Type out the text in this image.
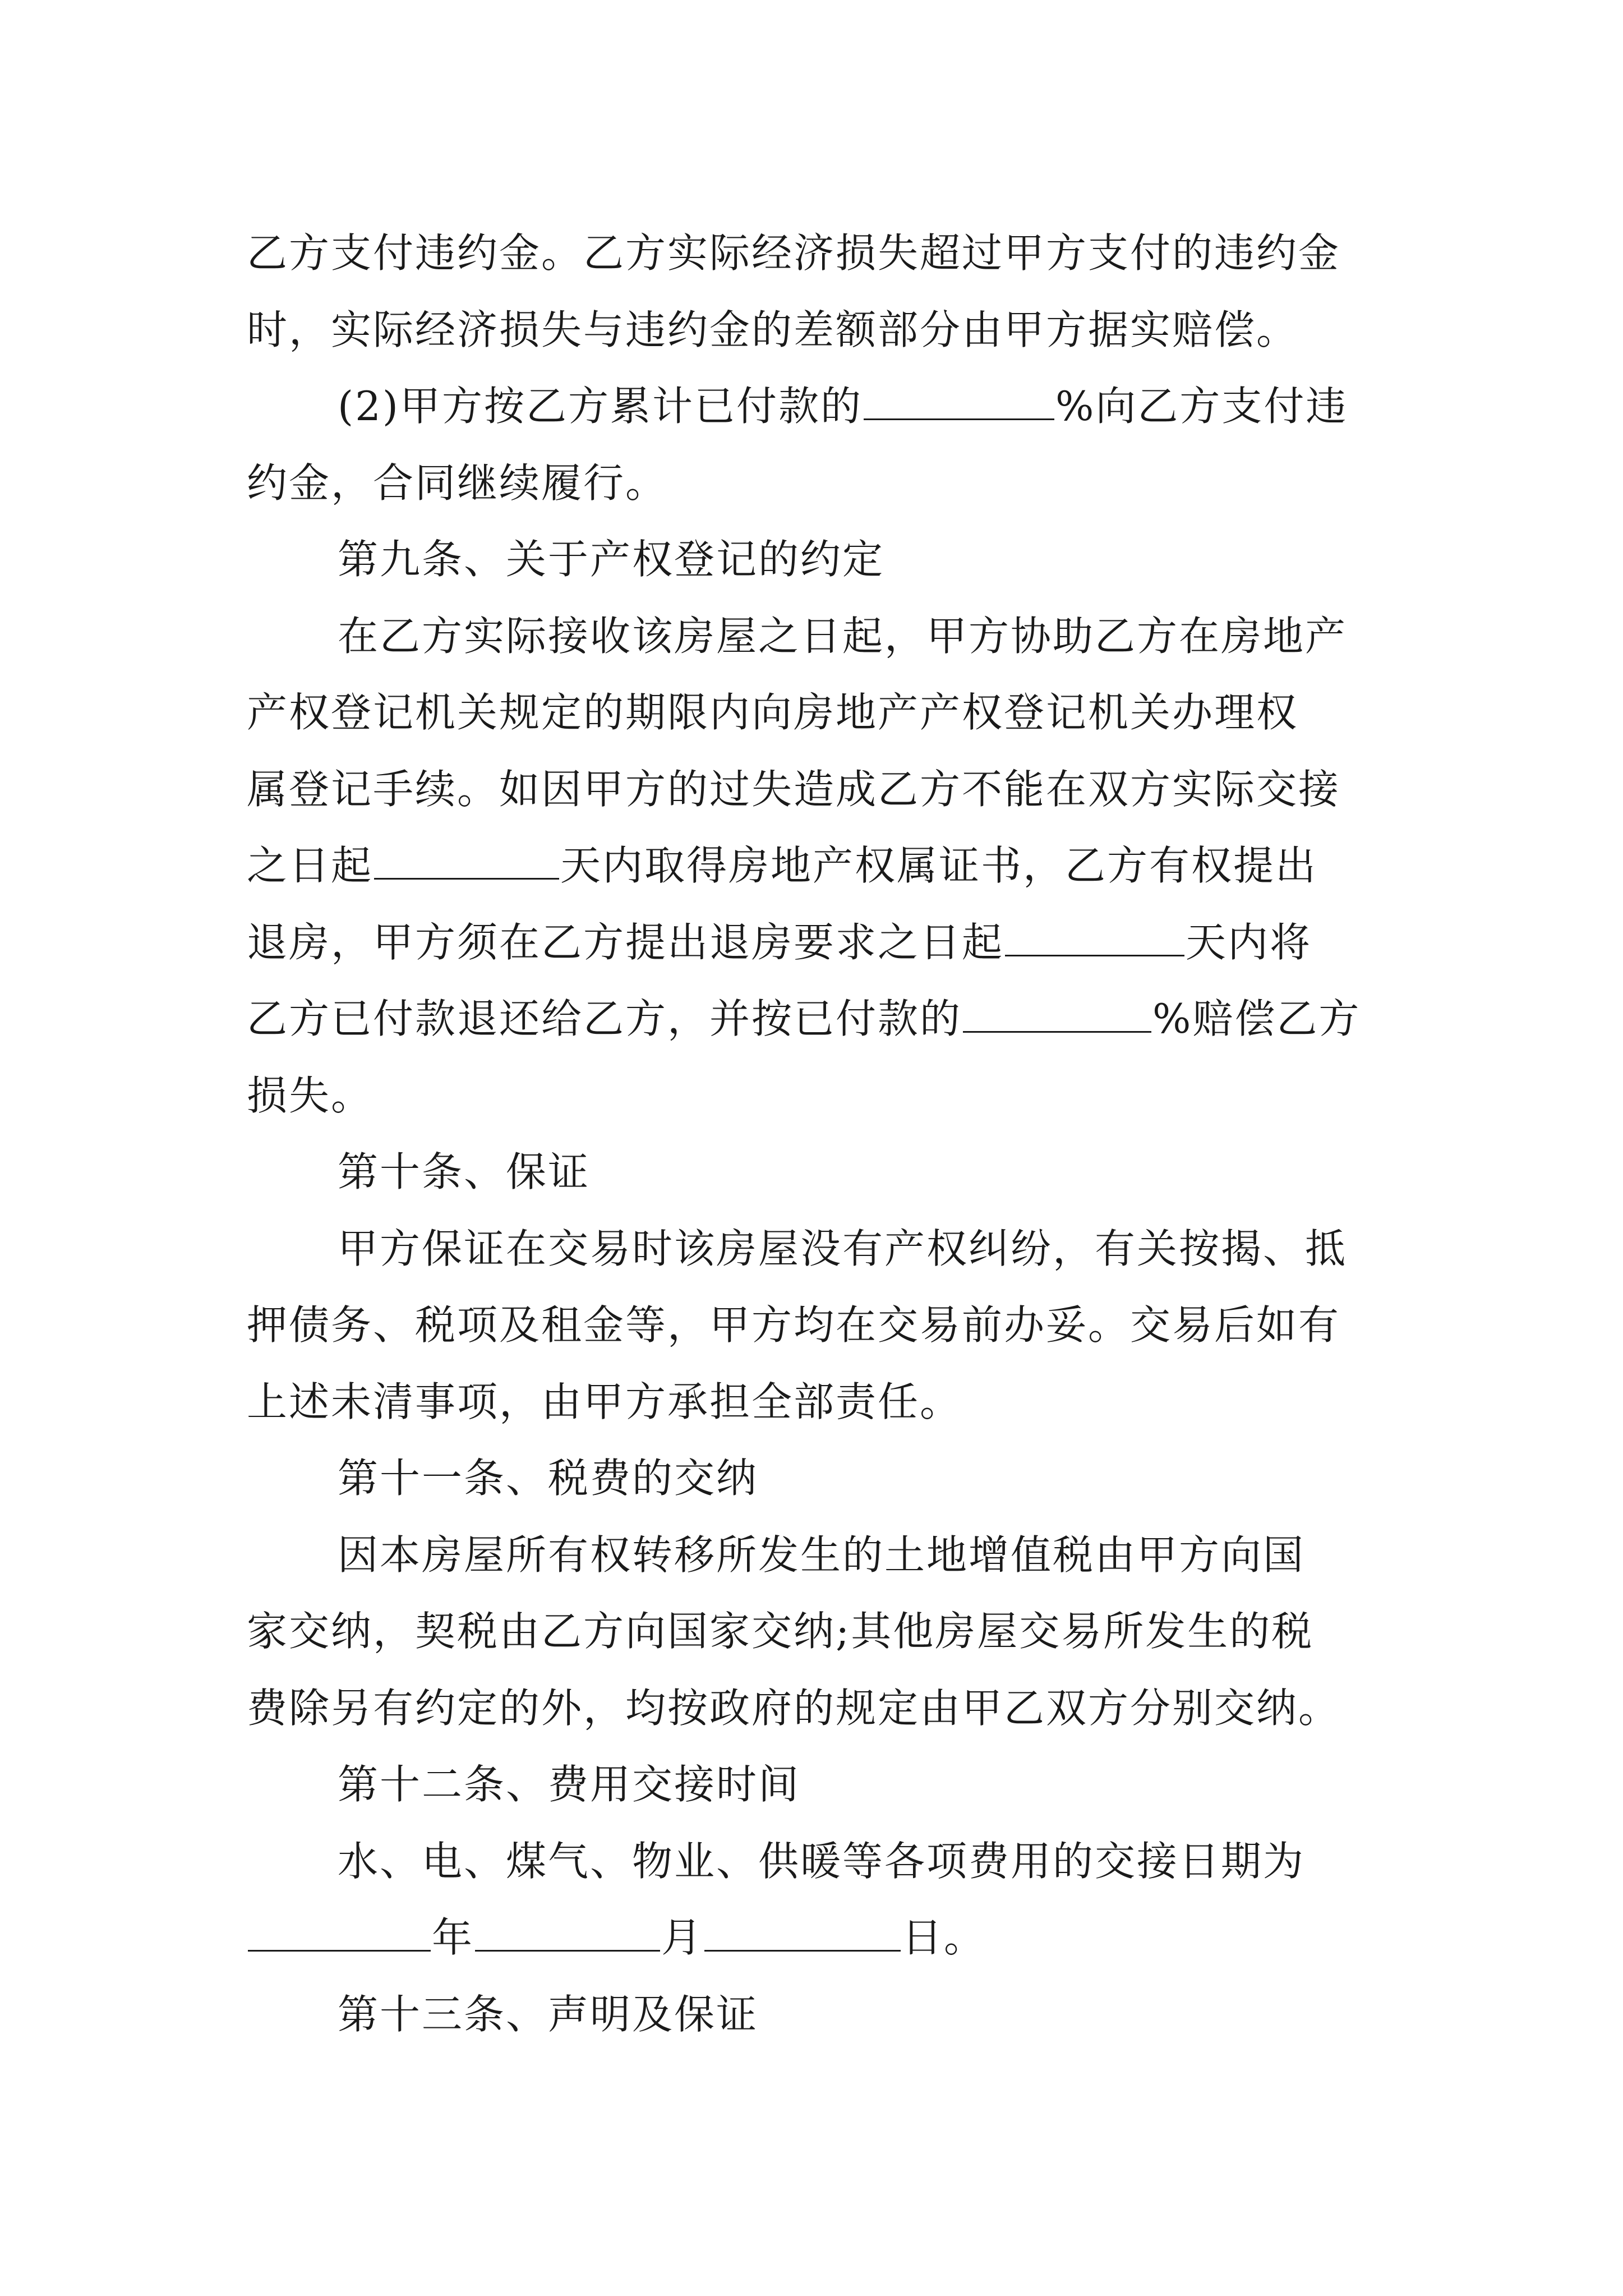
乙方支付违约金。乙方实际经济损失超过甲方支付的违约金
时，实际经济损失与违约金的差额部分由甲方据实赔偿。
(2)甲方按乙方累计已付款的	%向乙方支付违
约金，合同继续履行。
第九条、关于产权登记的约定
在乙方实际接收该房屋之日起，甲方协助乙方在房地产
产权登记机关规定的期限内向房地产产权登记机关办理权
属登记手续。如因甲方的过失造成乙方不能在双方实际交接
之日起	天内取得房地产权属证书，乙方有权提出
退房，甲方须在乙方提出退房要求之日起	天内将
乙方已付款退还给乙方，并按已付款的	%赔偿乙方
损失。
第十条、保证
甲方保证在交易时该房屋没有产权纠纷，有关按揭、抵
押债务、税项及租金等，甲方均在交易前办妥。交易后如有
上述未清事项，由甲方承担全部责任。
第十一条、税费的交纳
因本房屋所有权转移所发生的土地增值税由甲方向国
家交纳，契税由乙方向国家交纳;其他房屋交易所发生的税
费除另有约定的外，均按政府的规定由甲乙双方分别交纳。
第十二条、费用交接时间
水、电、煤气、物业、供暖等各项费用的交接日期为
年	月	日。
第十三条、声明及保证
